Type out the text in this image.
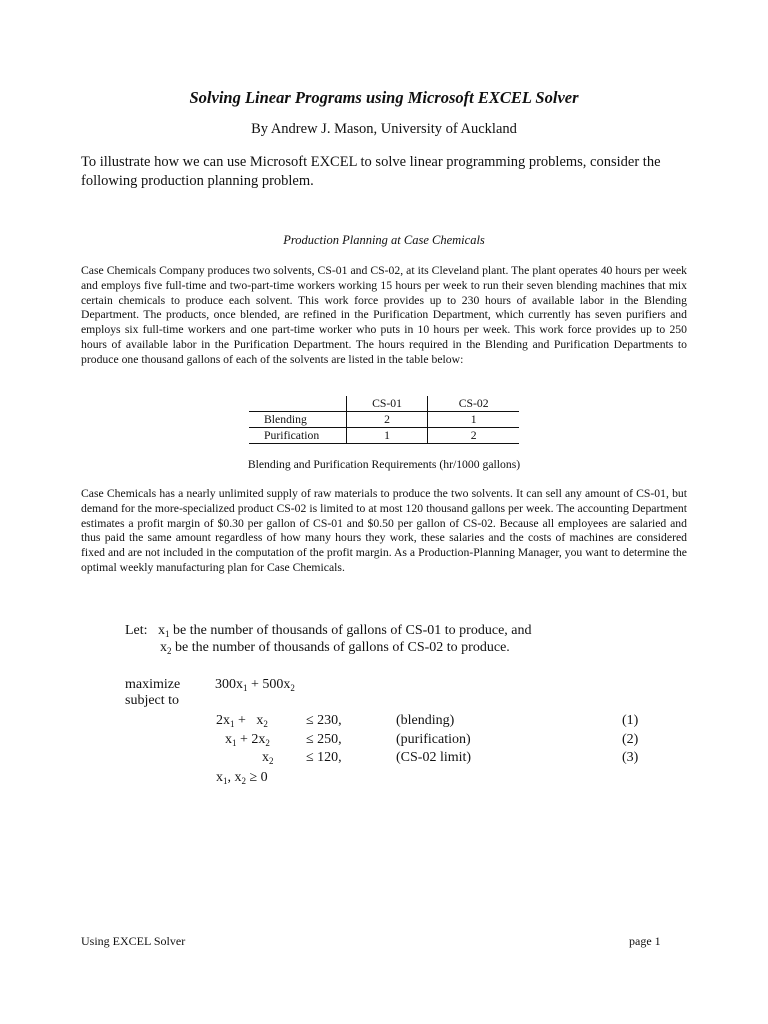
Solving Linear Programs using Microsoft EXCEL Solver
By Andrew J. Mason, University of Auckland
To illustrate how we can use Microsoft EXCEL to solve linear programming problems, consider the following production planning problem.
Production Planning at Case Chemicals
Case Chemicals Company produces two solvents, CS-01 and CS-02, at its Cleveland plant. The plant operates 40 hours per week and employs five full-time and two-part-time workers working 15 hours per week to run their seven blending machines that mix certain chemicals to produce each solvent. This work force provides up to 230 hours of available labor in the Blending Department. The products, once blended, are refined in the Purification Department, which currently has seven purifiers and employs six full-time workers and one part-time worker who puts in 10 hours per week. This work force provides up to 250 hours of available labor in the Purification Department. The hours required in the Blending and Purification Departments to produce one thousand gallons of each of the solvents are listed in the table below:
	CS-01	CS-02
Blending	2	1
Purification	1	2
Blending and Purification Requirements (hr/1000 gallons)
Case Chemicals has a nearly unlimited supply of raw materials to produce the two solvents. It can sell any amount of CS-01, but demand for the more-specialized product CS-02 is limited to at most 120 thousand gallons per week. The accounting Department estimates a profit margin of $0.30 per gallon of CS-01 and $0.50 per gallon of CS-02. Because all employees are salaried and thus paid the same amount regardless of how many hours they work, these salaries and the costs of machines are considered fixed and are not included in the computation of the profit margin. As a Production-Planning Manager, you want to determine the optimal weekly manufacturing plan for Case Chemicals.
Let: $x_1$ be the number of thousands of gallons of CS-01 to produce, and
$x_2$ be the number of thousands of gallons of CS-02 to produce.
maximize $300x_1 + 500x_2$
subject to
$2x_1 + x_2$	≤ 230,	(blending)	(1)
$x_1 + 2x_2$	≤ 250,	(purification)	(2)
$x_2 \le 120$,	(CS-02 limit)	(3)
$x_1$, $x_2 \ge 0$
Using EXCEL Solver	page 1
